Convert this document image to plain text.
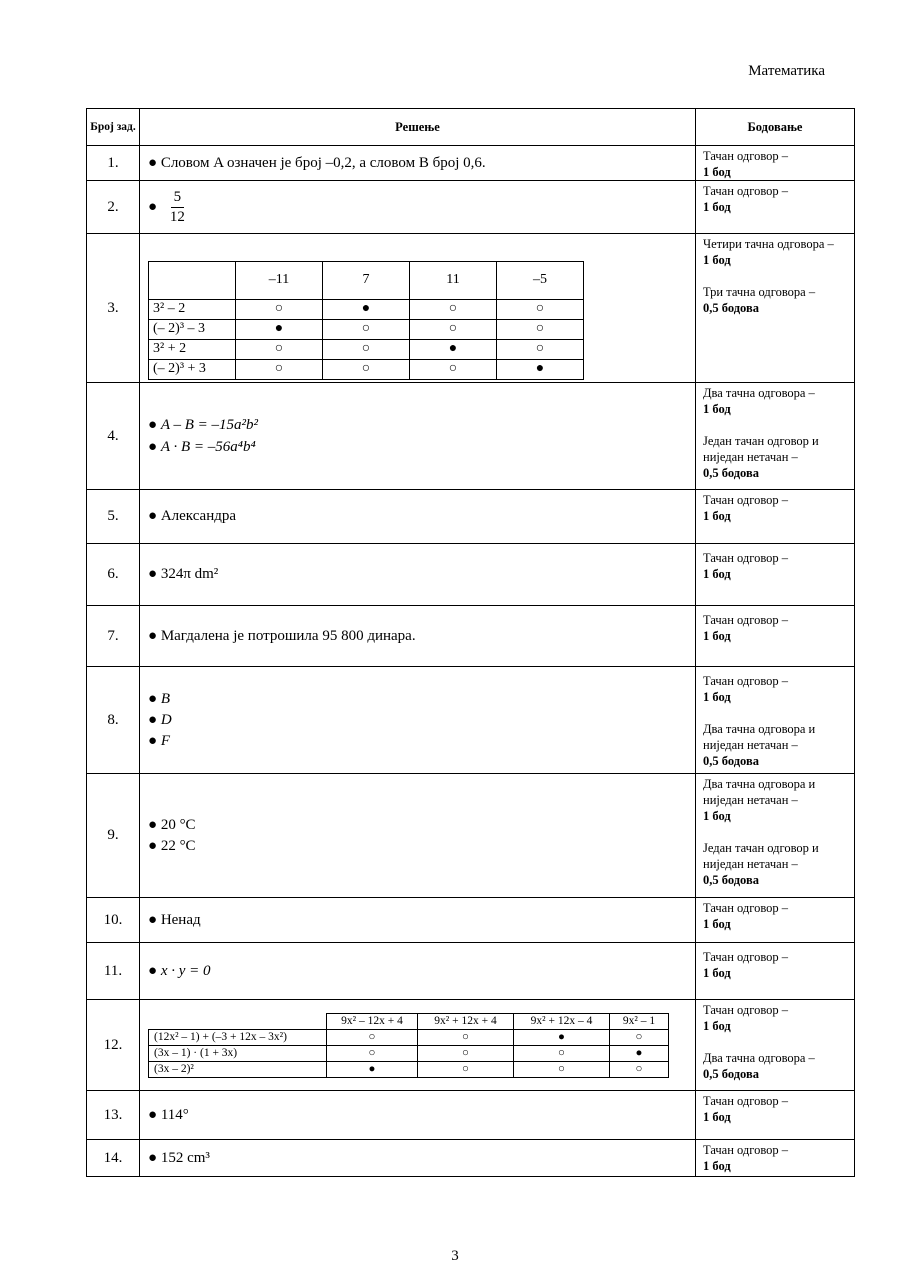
Математика
Број зад.	Решење	Бодовање
1.	● Словом A означен је број –0,2, а словом B број 0,6.	Тачан одговор –
1 бод
2.	● $\frac{5}{12}$	Тачан одговор –
1 бод
3.	
	–11	7	11	–5
3² – 2	○	●	○	○
(– 2)³ – 3	●	○	○	○
3² + 2	○	○	●	○
(– 2)³ + 3	○	○	○	●
	Четири тачна одговора –
1 бод
Три тачна одговора –
0,5 бодова
4.	
● A – B = –15a²b²
● A · B = –56a⁴b⁴
	Два тачна одговора –
1 бод
Један тачан одговор и ниједан нетачан –
0,5 бодова
5.	● Александра	Тачан одговор –
1 бод
6.	● 324π dm²	Тачан одговор –
1 бод
7.	● Магдалена је потрошила 95 800 динара.	Тачан одговор –
1 бод
8.	
● B
● D
● F
	Тачан одговор –
1 бод
Два тачна одговора и ниједан нетачан –
0,5 бодова
9.	
● 20 °C
● 22 °C
	Два тачна одговора и ниједан нетачан –
1 бод
Један тачан одговор и ниједан нетачан –
0,5 бодова
10.	● Ненад	Тачан одговор –
1 бод
11.	● x · y = 0	Тачан одговор –
1 бод
12.	
	9x² – 12x + 4	9x² + 12x + 4	9x² + 12x – 4	9x² – 1
(12x² – 1) + (–3 + 12x – 3x²)	○	○	●	○
(3x – 1) · (1 + 3x)	○	○	○	●
(3x – 2)²	●	○	○	○
	Тачан одговор –
1 бод
Два тачна одговора –
0,5 бодова
13.	● 114°	Тачан одговор –
1 бод
14.	● 152 cm³	Тачан одговор –
1 бод
3
